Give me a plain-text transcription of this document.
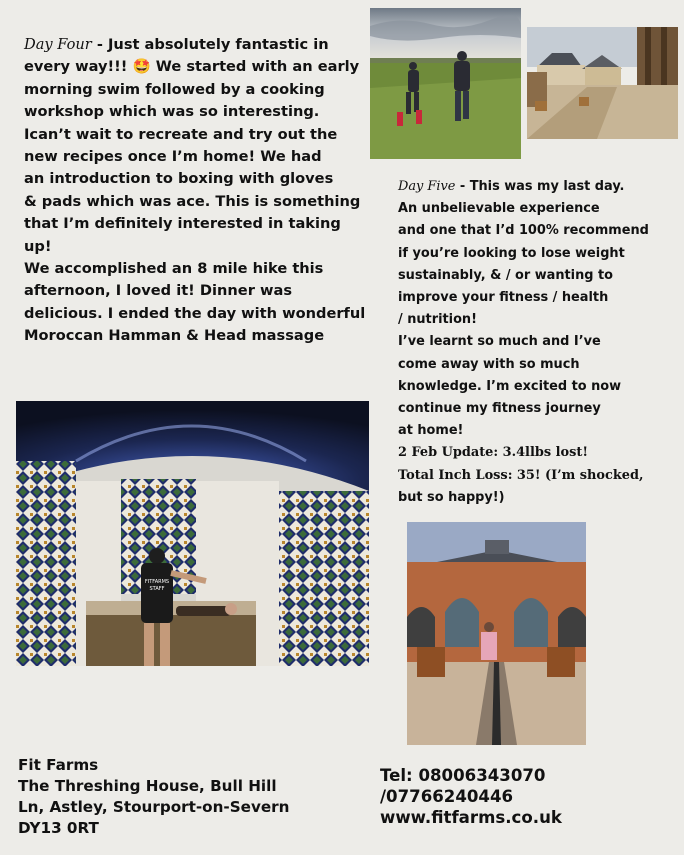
Day Four - Just absolutely fantastic in
every way!!! 🤩 We started with an early
morning swim followed by a cooking
workshop which was so interesting.
Ican’t wait to recreate and try out the
new recipes once I’m home! We had
an introduction to boxing with gloves
& pads which was ace. This is something
that I’m definitely interested in taking
up!
We accomplished an 8 mile hike this
afternoon, I loved it! Dinner was
delicious. I ended the day with wonderful
Moroccan Hamman & Head massage
Day Five - This was my last day.
An unbelievable experience
and one that I’d 100% recommend
if you’re looking to lose weight
sustainably, & / or wanting to
improve your fitness / health
/ nutrition!
I’ve learnt so much and I’ve
come away with so much
knowledge. I’m excited to now
continue my fitness journey
at home!
2 Feb Update: 3.4llbs lost!
Total Inch Loss: 35! (I’m shocked,
but so happy!)
FITFARMS
STAFF
Fit Farms
The Threshing House, Bull Hill
Ln, Astley, Stourport-on-Severn
DY13 0RT
Tel: 08006343070
/07766240446
www.fitfarms.co.uk
